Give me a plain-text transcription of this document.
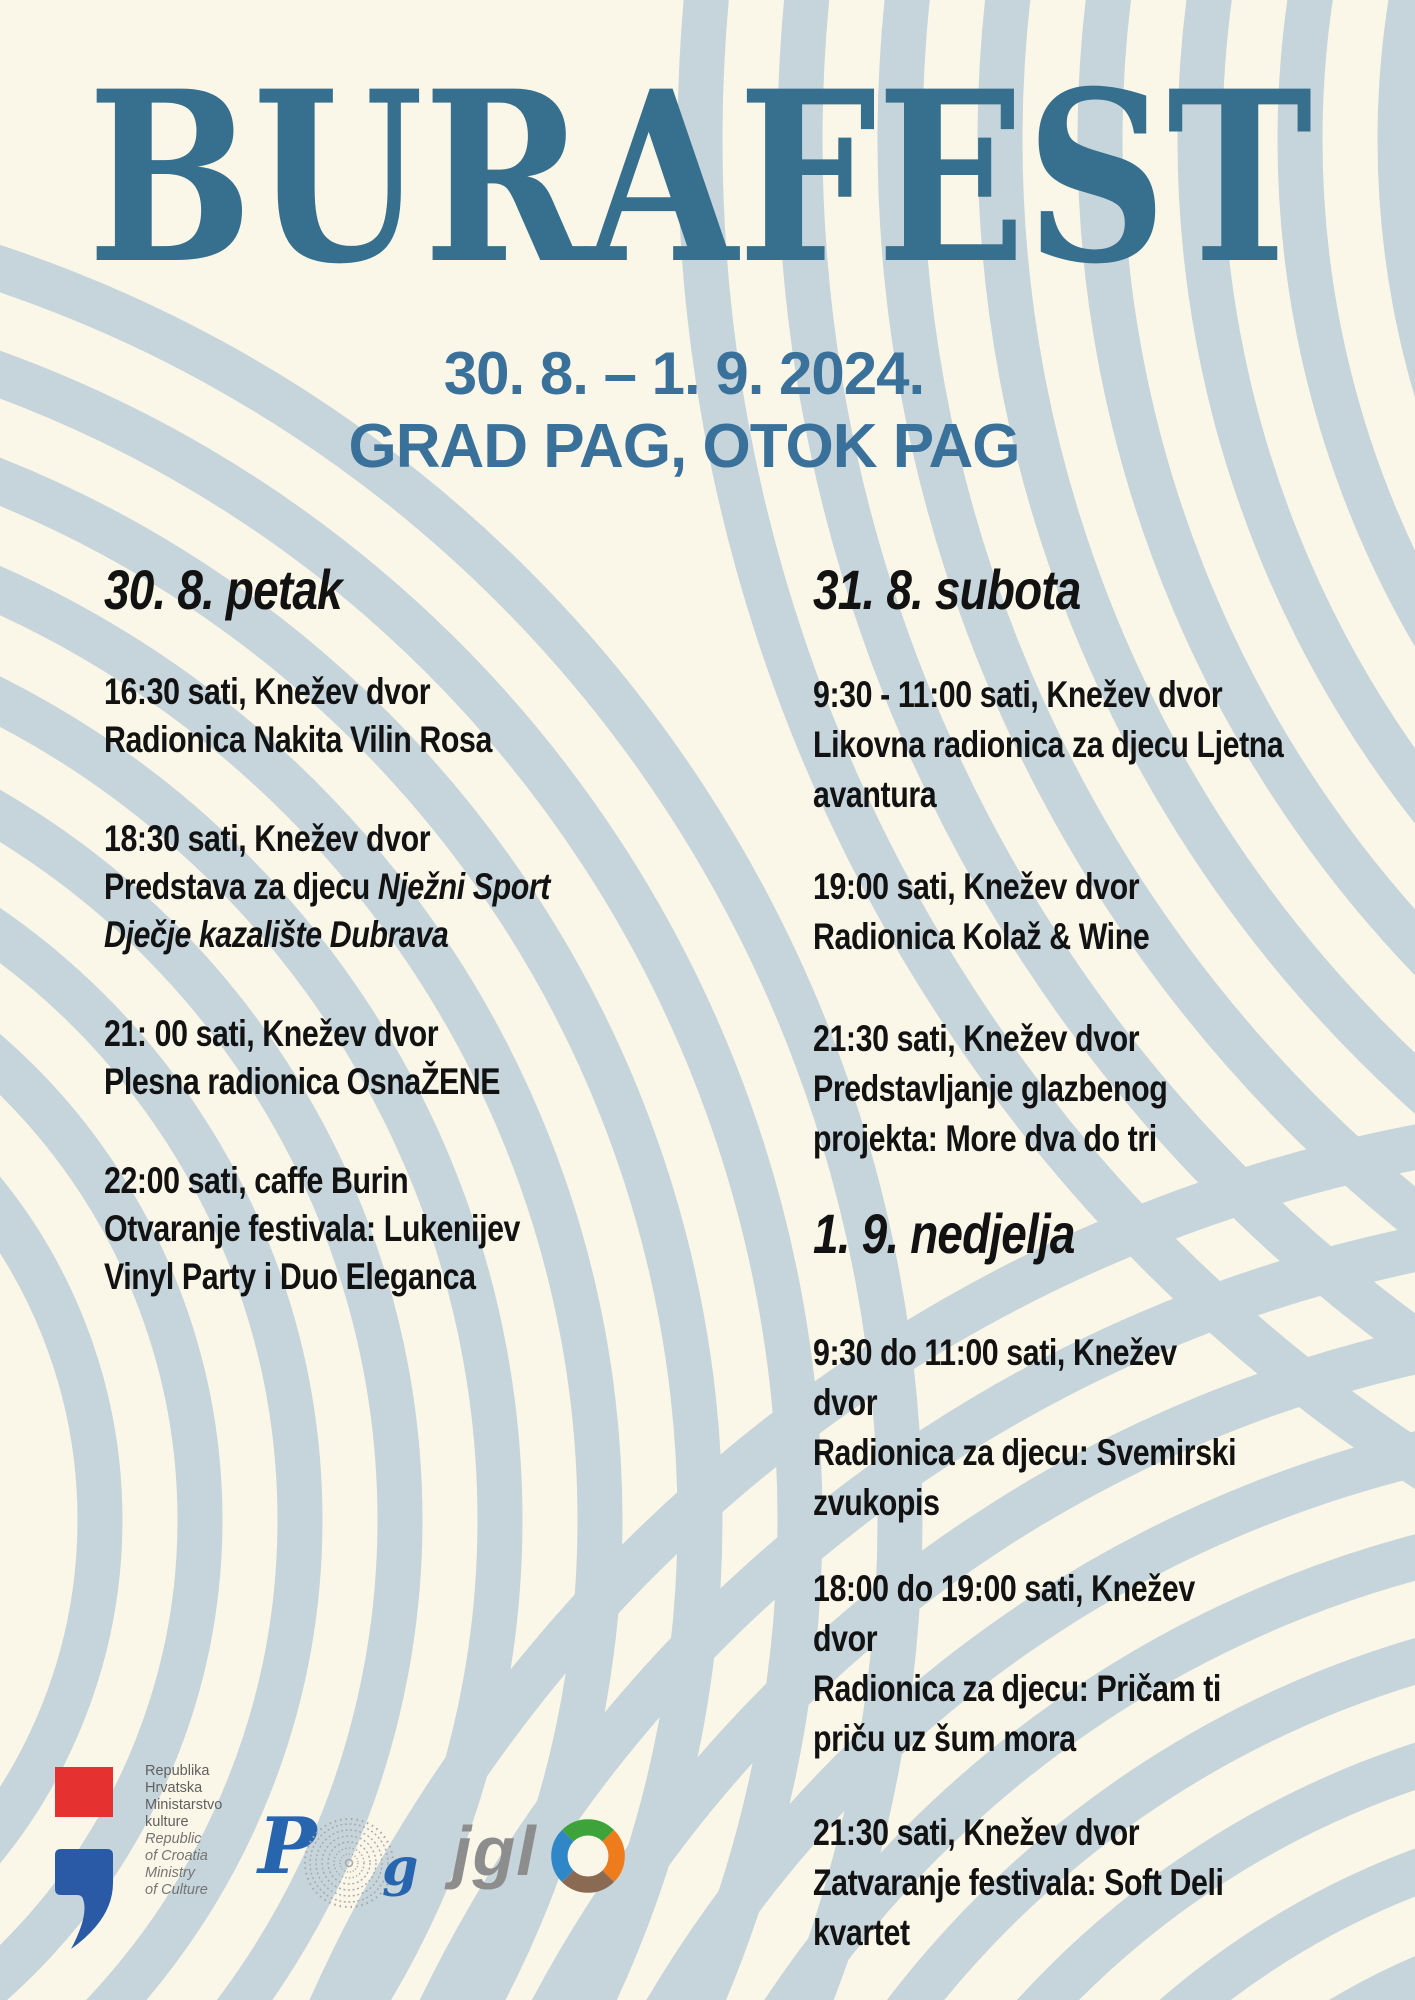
BURAFEST
30. 8. – 1. 9. 2024.
GRAD PAG, OTOK PAG
30. 8. petak
16:30 sati, Knežev dvor
Radionica Nakita Vilin Rosa
18:30 sati, Knežev dvor
Predstava za djecu Nježni Sport
Dječje kazalište Dubrava
21: 00 sati, Knežev dvor
Plesna radionica OsnaŽENE
22:00 sati, caffe Burin
Otvaranje festivala: Lukenijev
Vinyl Party i Duo Eleganca
31. 8. subota
9:30 - 11:00 sati, Knežev dvor
Likovna radionica za djecu Ljetna
avantura
19:00 sati, Knežev dvor
Radionica Kolaž & Wine
21:30 sati, Knežev dvor
Predstavljanje glazbenog
projekta: More dva do tri
1. 9. nedjelja
9:30 do 11:00 sati, Knežev
dvor
Radionica za djecu: Svemirski
zvukopis
18:00 do 19:00 sati, Knežev
dvor
Radionica za djecu: Pričam ti
priču uz šum mora
21:30 sati, Knežev dvor
Zatvaranje festivala: Soft Deli
kvartet
Republika
Hrvatska
Ministarstvo
kulture
Republic
of Croatia
Ministry
of Culture P g jgl
